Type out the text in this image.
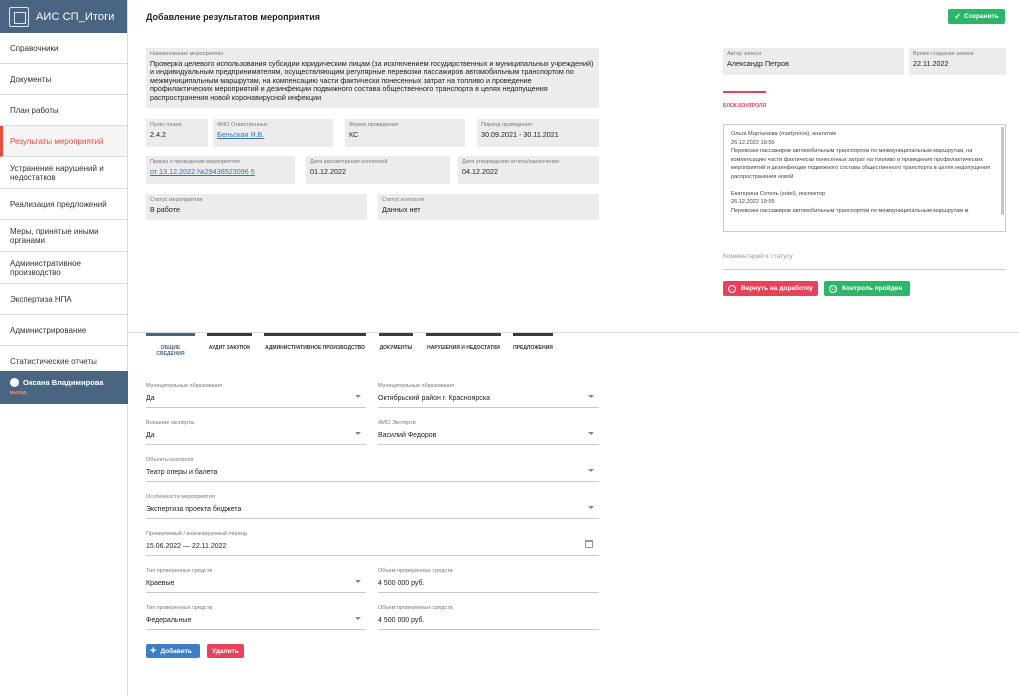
АИС СП_Итоги
Справочники
Документы
План работы
Результаты мероприятий
Устранение нарушений и недостатков
Реализация предложений
Меры, принятые иными органами
Административное производство
Экспертиза НПА
Администрирование
Статистические отчеты
Оксана Владимирова
выход
Добавление результатов мероприятия	✓ Сохранить
Наименование мероприятия
Проверка целевого использования субсидии юридическим лицам (за исключением государственных и муниципальных учреждений) и индивидуальным предпринимателям, осуществляющим регулярные перевозки пассажиров автомобильным транспортом по межмуниципальным маршрутам, на компенсацию части фактически понесенных затрат на топливо и проведение профилактических мероприятий и дезинфекции подвижного состава общественного транспорта в целях недопущения распространения новой коронавирусной инфекции
Пункт плана
2.4.2
ФИО Отвественных
Бельская Я.В.
Форма проведения
КС
Период проведения
30.09.2021 - 30.11.2021
Приказ о проведении мероприятия
от 13.12.2022 №29436523096 5
Дата рассмотрения коллегией
01.12.2022
Дата утверждения отчета/заключения
04.12.2022
Статус мероприятия
В работе
Статус контроля
Данных нет
Автор записи
Александр Петров
Время создания записи
22.11.2022
БЛОК КОНТРОЛЯ
Ольга Мартынова (martynova), аналитик
26.12.2022 19:55
Перевозки пассажиров автомобильным транспортом по межмуниципальным маршрутам, на компенсацию части фактически понесенных затрат на топливо и проведение профилактических мероприятий и дезинфекции подвижного состава общественного транспорта в целях недопущения распространения новой
Екатерина Сотель (sotel), инспектор
26.12.2022 19:55
Перевозки пассажиров автомобильным транспортом по межмуниципальным маршрутам м
Комментарий к статусу
← Вернуть на доработку	☺ Контроль пройден
ОБЩИЕ СВЕДЕНИЯ
АУДИТ ЗАКУПОК	АДМИНИСТРАТИВНОЕ ПРОИЗВОДСТВО	ДОКУМЕНТЫ	НАРУШЕНИЯ И НЕДОСТАТКИ	ПРЕДЛОЖЕНИЯ
Муниципальные образования
Да
Муниципальные образования
Октябрьский район г. Красноярска
Внешние эксперты
Да
ФИО Эксперта
Василий Федоров
Объекты контроля
Театр оперы и балета
Особенности мероприятия
Экспертиза проекта бюджета
Проверяемый / анализируемый период
15.06.2022 — 22.11.2022
Тип проверенных средств
Краевые
Объем проверенных средств
4 500 000 руб.
Тип проверенных средств
Федеральные
Объем проверенных средств
4 500 000 руб.
+ Добавить	Удалить
